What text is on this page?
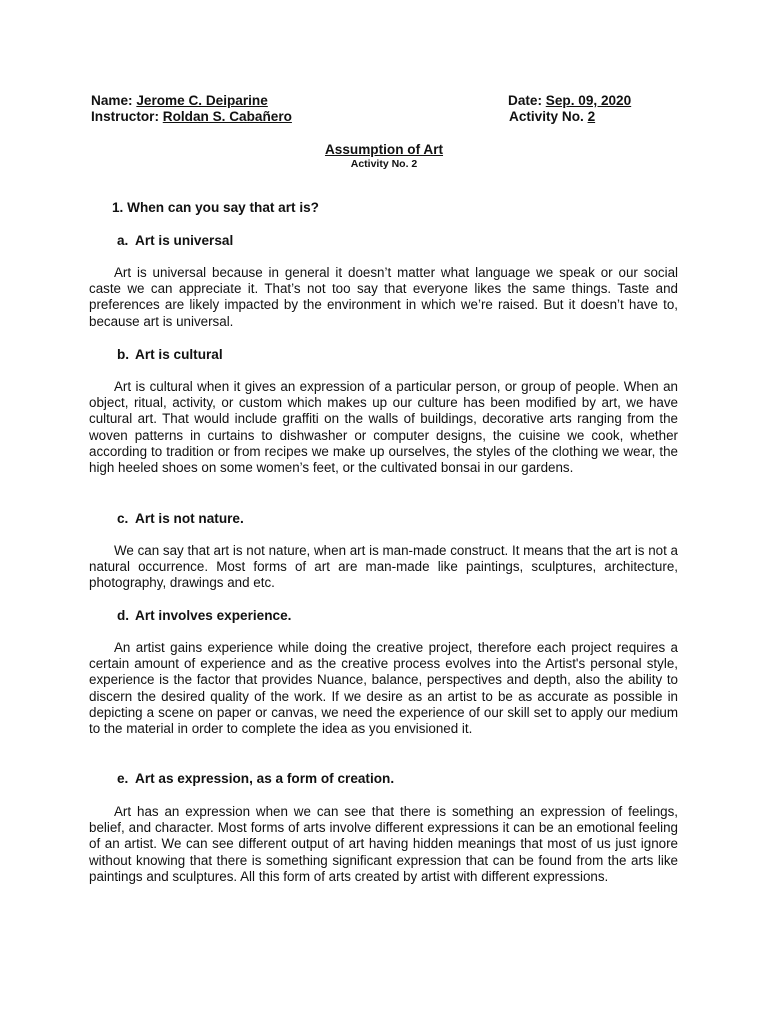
Name: Jerome C. Deiparine
Instructor: Roldan S. Cabañero
Date: Sep. 09, 2020
Activity No. 2
Assumption of Art
Activity No. 2
1. When can you say that art is?
a. Art is universal
Art is universal because in general it doesn’t matter what language we speak or our social caste we can appreciate it. That’s not too say that everyone likes the same things. Taste and preferences are likely impacted by the environment in which we’re raised. But it doesn’t have to, because art is universal.
b. Art is cultural
Art is cultural when it gives an expression of a particular person, or group of people. When an object, ritual, activity, or custom which makes up our culture has been modified by art, we have cultural art. That would include graffiti on the walls of buildings, decorative arts ranging from the woven patterns in curtains to dishwasher or computer designs, the cuisine we cook, whether according to tradition or from recipes we make up ourselves, the styles of the clothing we wear, the high heeled shoes on some women’s feet, or the cultivated bonsai in our gardens.
c. Art is not nature.
We can say that art is not nature, when art is man-made construct. It means that the art is not a natural occurrence. Most forms of art are man-made like paintings, sculptures, architecture, photography, drawings and etc.
d. Art involves experience.
An artist gains experience while doing the creative project, therefore each project requires a certain amount of experience and as the creative process evolves into the Artist's personal style, experience is the factor that provides Nuance, balance, perspectives and depth, also the ability to discern the desired quality of the work. If we desire as an artist to be as accurate as possible in depicting a scene on paper or canvas, we need the experience of our skill set to apply our medium to the material in order to complete the idea as you envisioned it.
e. Art as expression, as a form of creation.
Art has an expression when we can see that there is something an expression of feelings, belief, and character. Most forms of arts involve different expressions it can be an emotional feeling of an artist. We can see different output of art having hidden meanings that most of us just ignore without knowing that there is something significant expression that can be found from the arts like paintings and sculptures. All this form of arts created by artist with different expressions.
